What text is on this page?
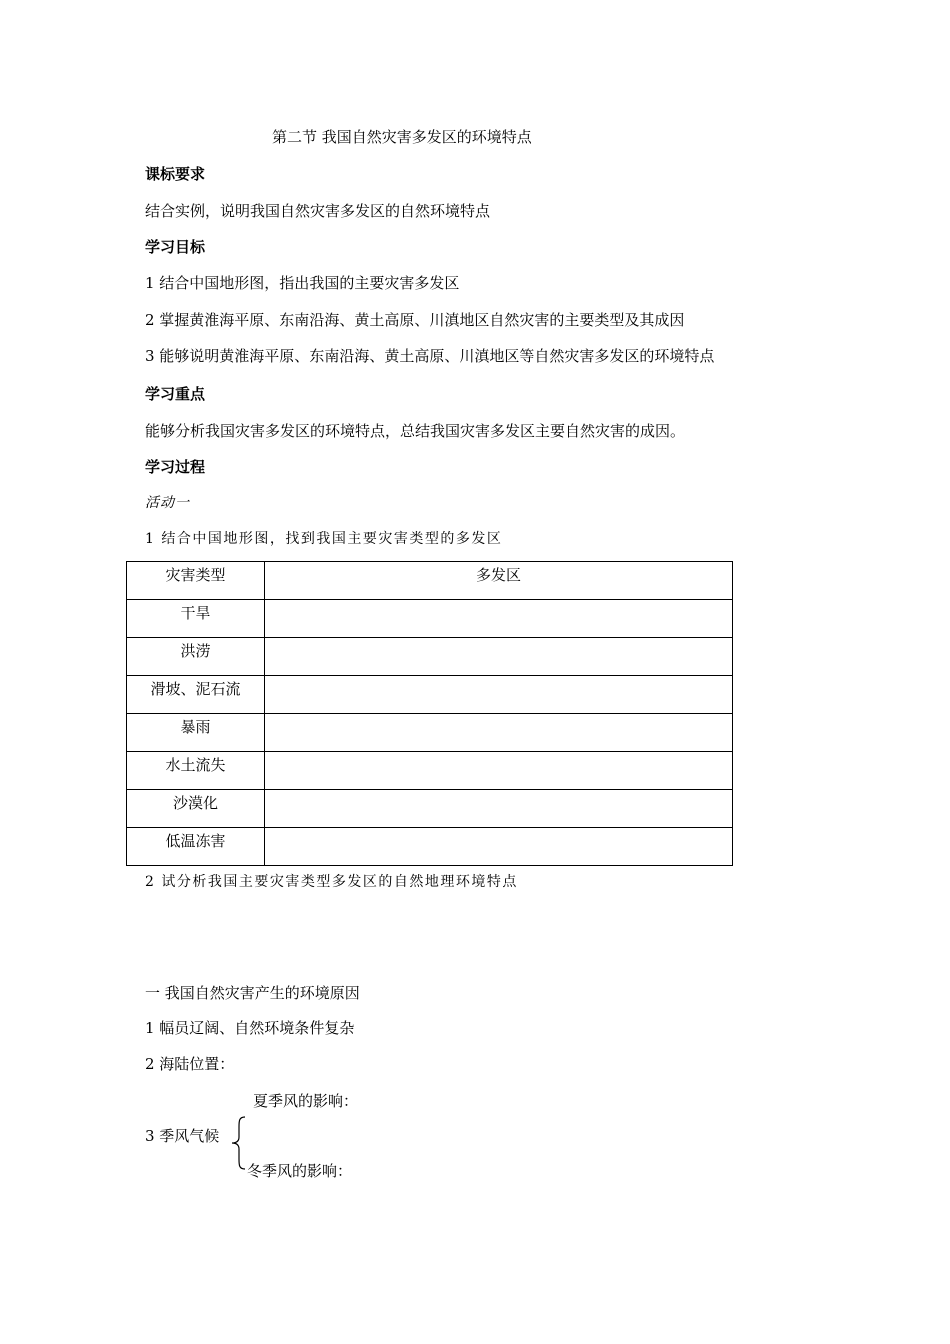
第二节 我国自然灾害多发区的环境特点
课标要求
结合实例，说明我国自然灾害多发区的自然环境特点
学习目标
1 结合中国地形图，指出我国的主要灾害多发区
2 掌握黄淮海平原、东南沿海、黄土高原、川滇地区自然灾害的主要类型及其成因
3 能够说明黄淮海平原、东南沿海、黄土高原、川滇地区等自然灾害多发区的环境特点
学习重点
能够分析我国灾害多发区的环境特点，总结我国灾害多发区主要自然灾害的成因。
学习过程
活动一
1 结合中国地形图，找到我国主要灾害类型的多发区
灾害类型	多发区
干旱	
洪涝	
滑坡、泥石流	
暴雨	
水土流失	
沙漠化	
低温冻害	
2 试分析我国主要灾害类型多发区的自然地理环境特点
一 我国自然灾害产生的环境原因
1 幅员辽阔、自然环境条件复杂
2 海陆位置：
夏季风的影响：
3 季风气候
冬季风的影响：
